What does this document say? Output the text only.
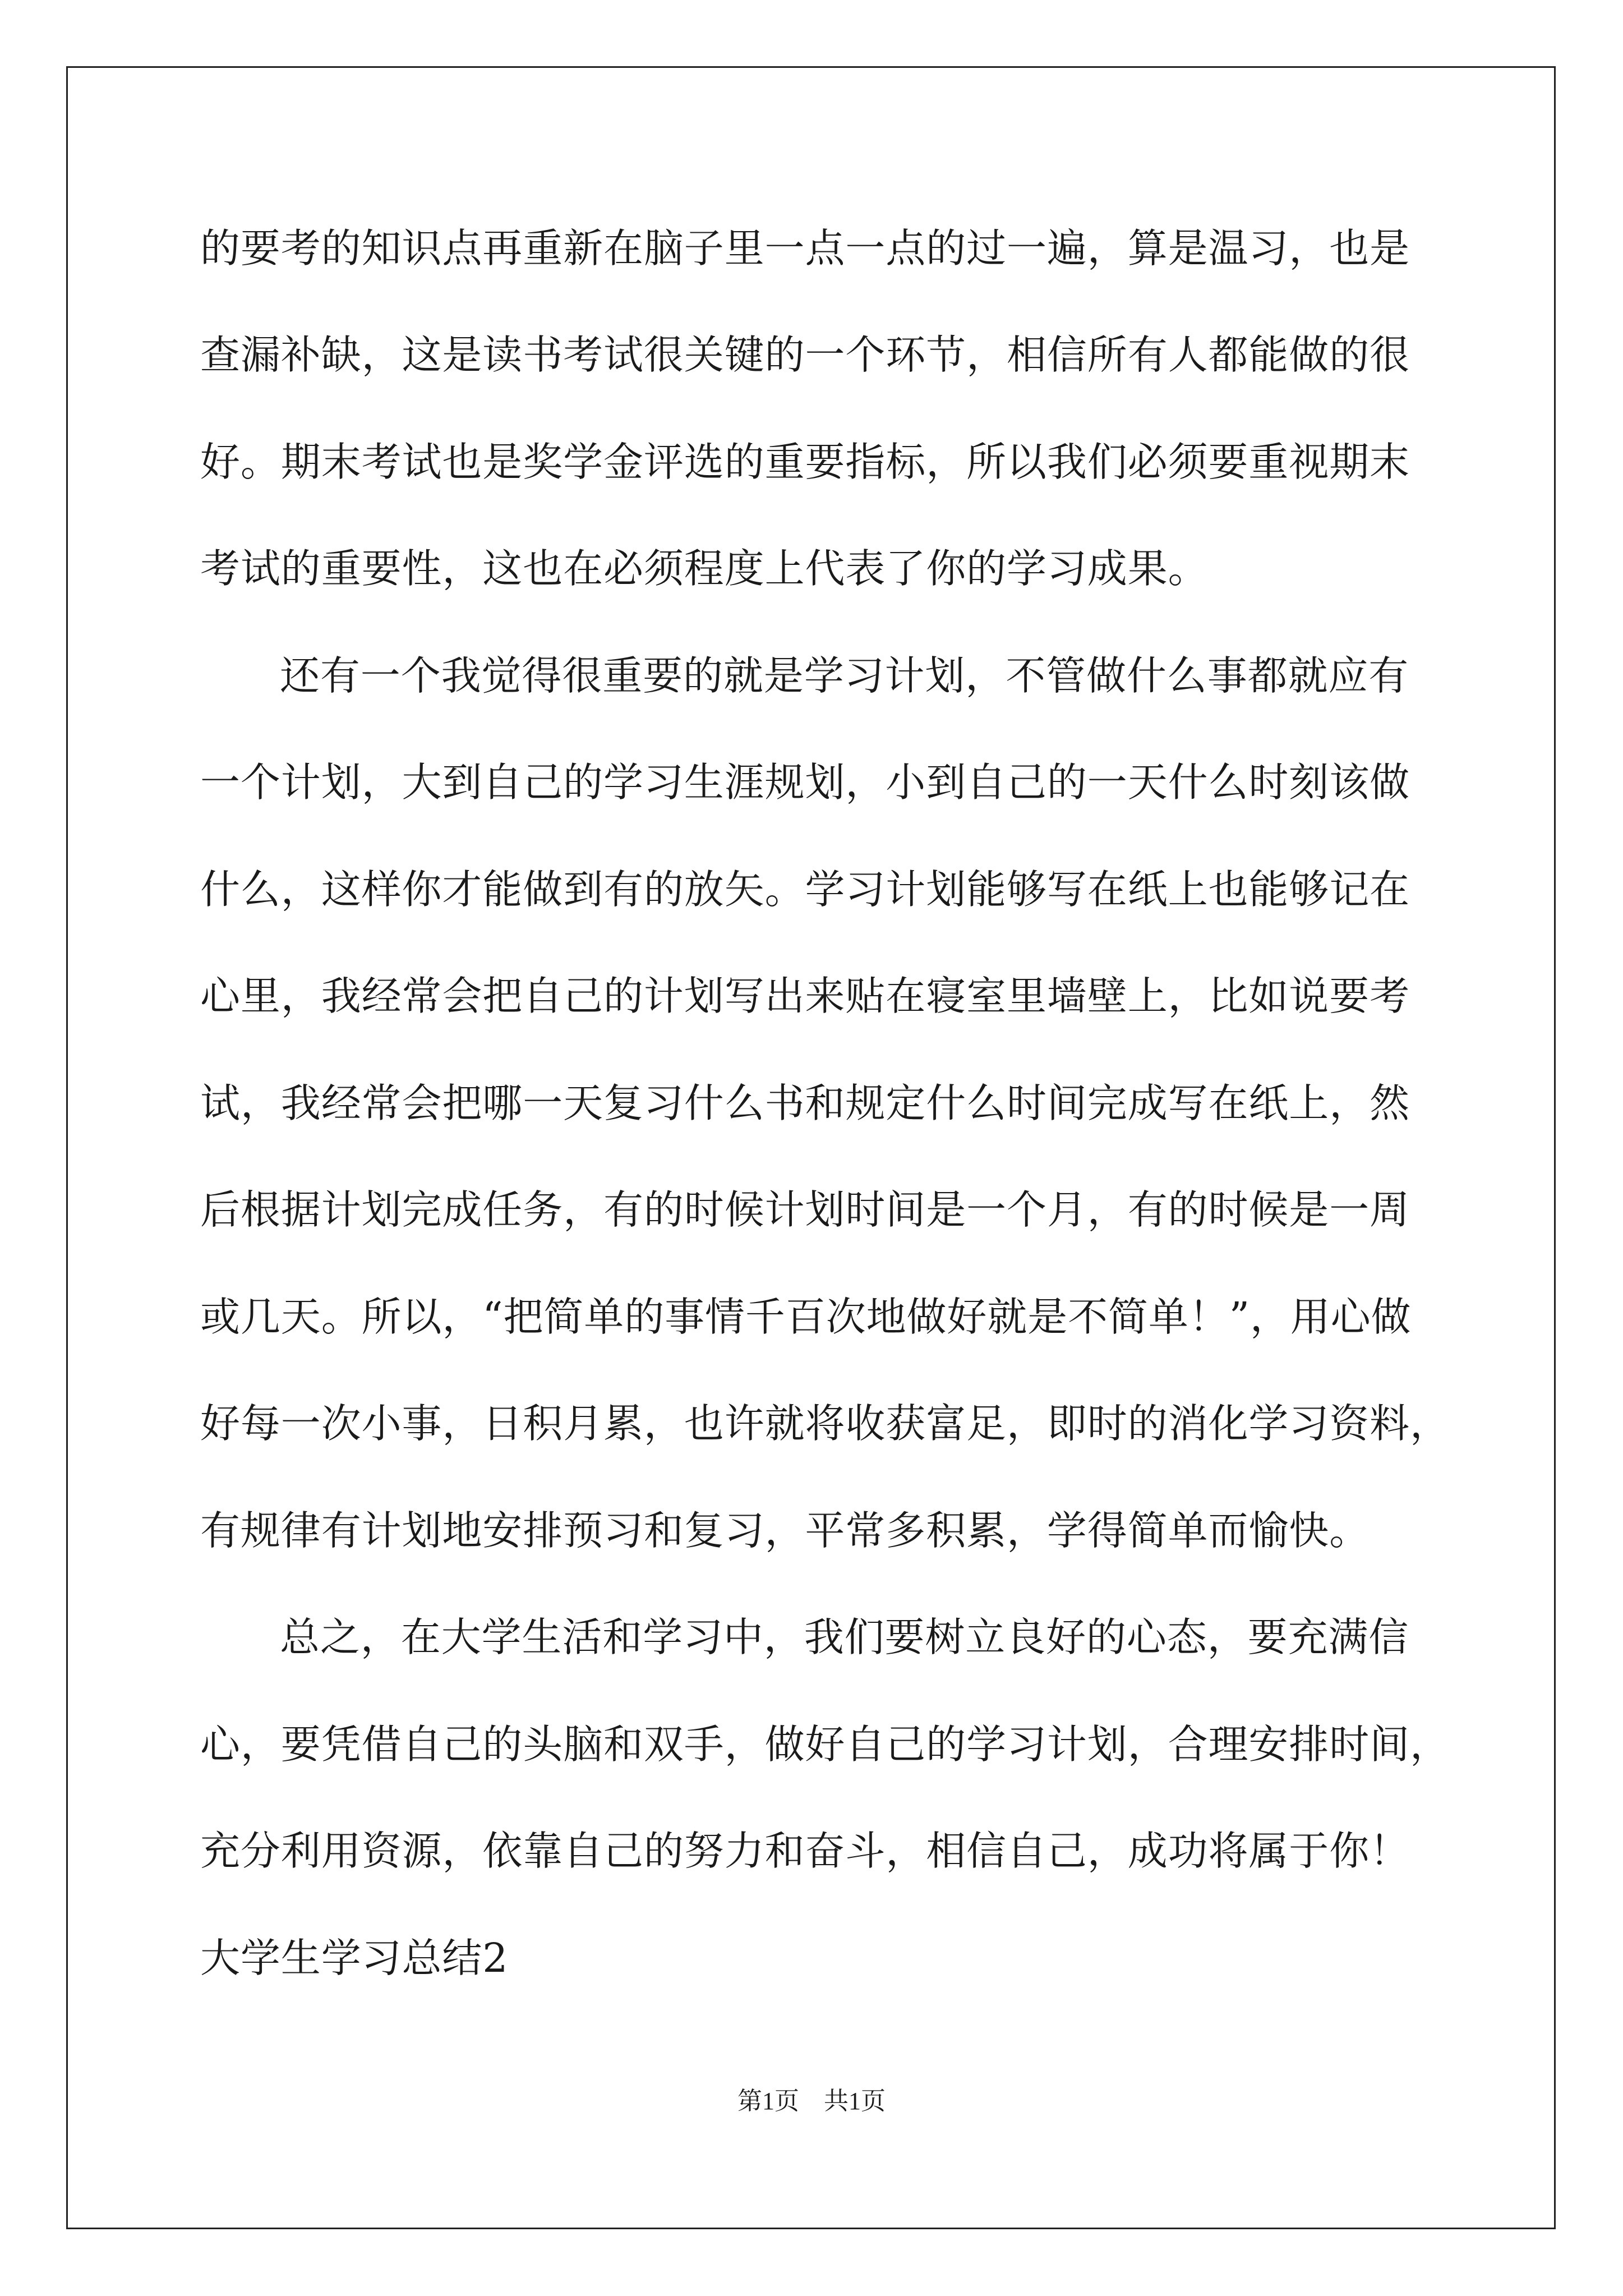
的要考的知识点再重新在脑子里一点一点的过一遍，算是温习，也是
查漏补缺，这是读书考试很关键的一个环节，相信所有人都能做的很
好。期末考试也是奖学金评选的重要指标，所以我们必须要重视期末
考试的重要性，这也在必须程度上代表了你的学习成果。
还有一个我觉得很重要的就是学习计划，不管做什么事都就应有
一个计划，大到自己的学习生涯规划，小到自己的一天什么时刻该做
什么，这样你才能做到有的放矢。学习计划能够写在纸上也能够记在
心里，我经常会把自己的计划写出来贴在寝室里墙壁上，比如说要考
试，我经常会把哪一天复习什么书和规定什么时间完成写在纸上，然
后根据计划完成任务，有的时候计划时间是一个月，有的时候是一周
或几天。所以，“把简单的事情千百次地做好就是不简单！”，用心做
好每一次小事，日积月累，也许就将收获富足，即时的消化学习资料，
有规律有计划地安排预习和复习，平常多积累，学得简单而愉快。
总之，在大学生活和学习中，我们要树立良好的心态，要充满信
心，要凭借自己的头脑和双手，做好自己的学习计划，合理安排时间，
充分利用资源，依靠自己的努力和奋斗，相信自己，成功将属于你！
大学生学习总结2
第1页 共1页
